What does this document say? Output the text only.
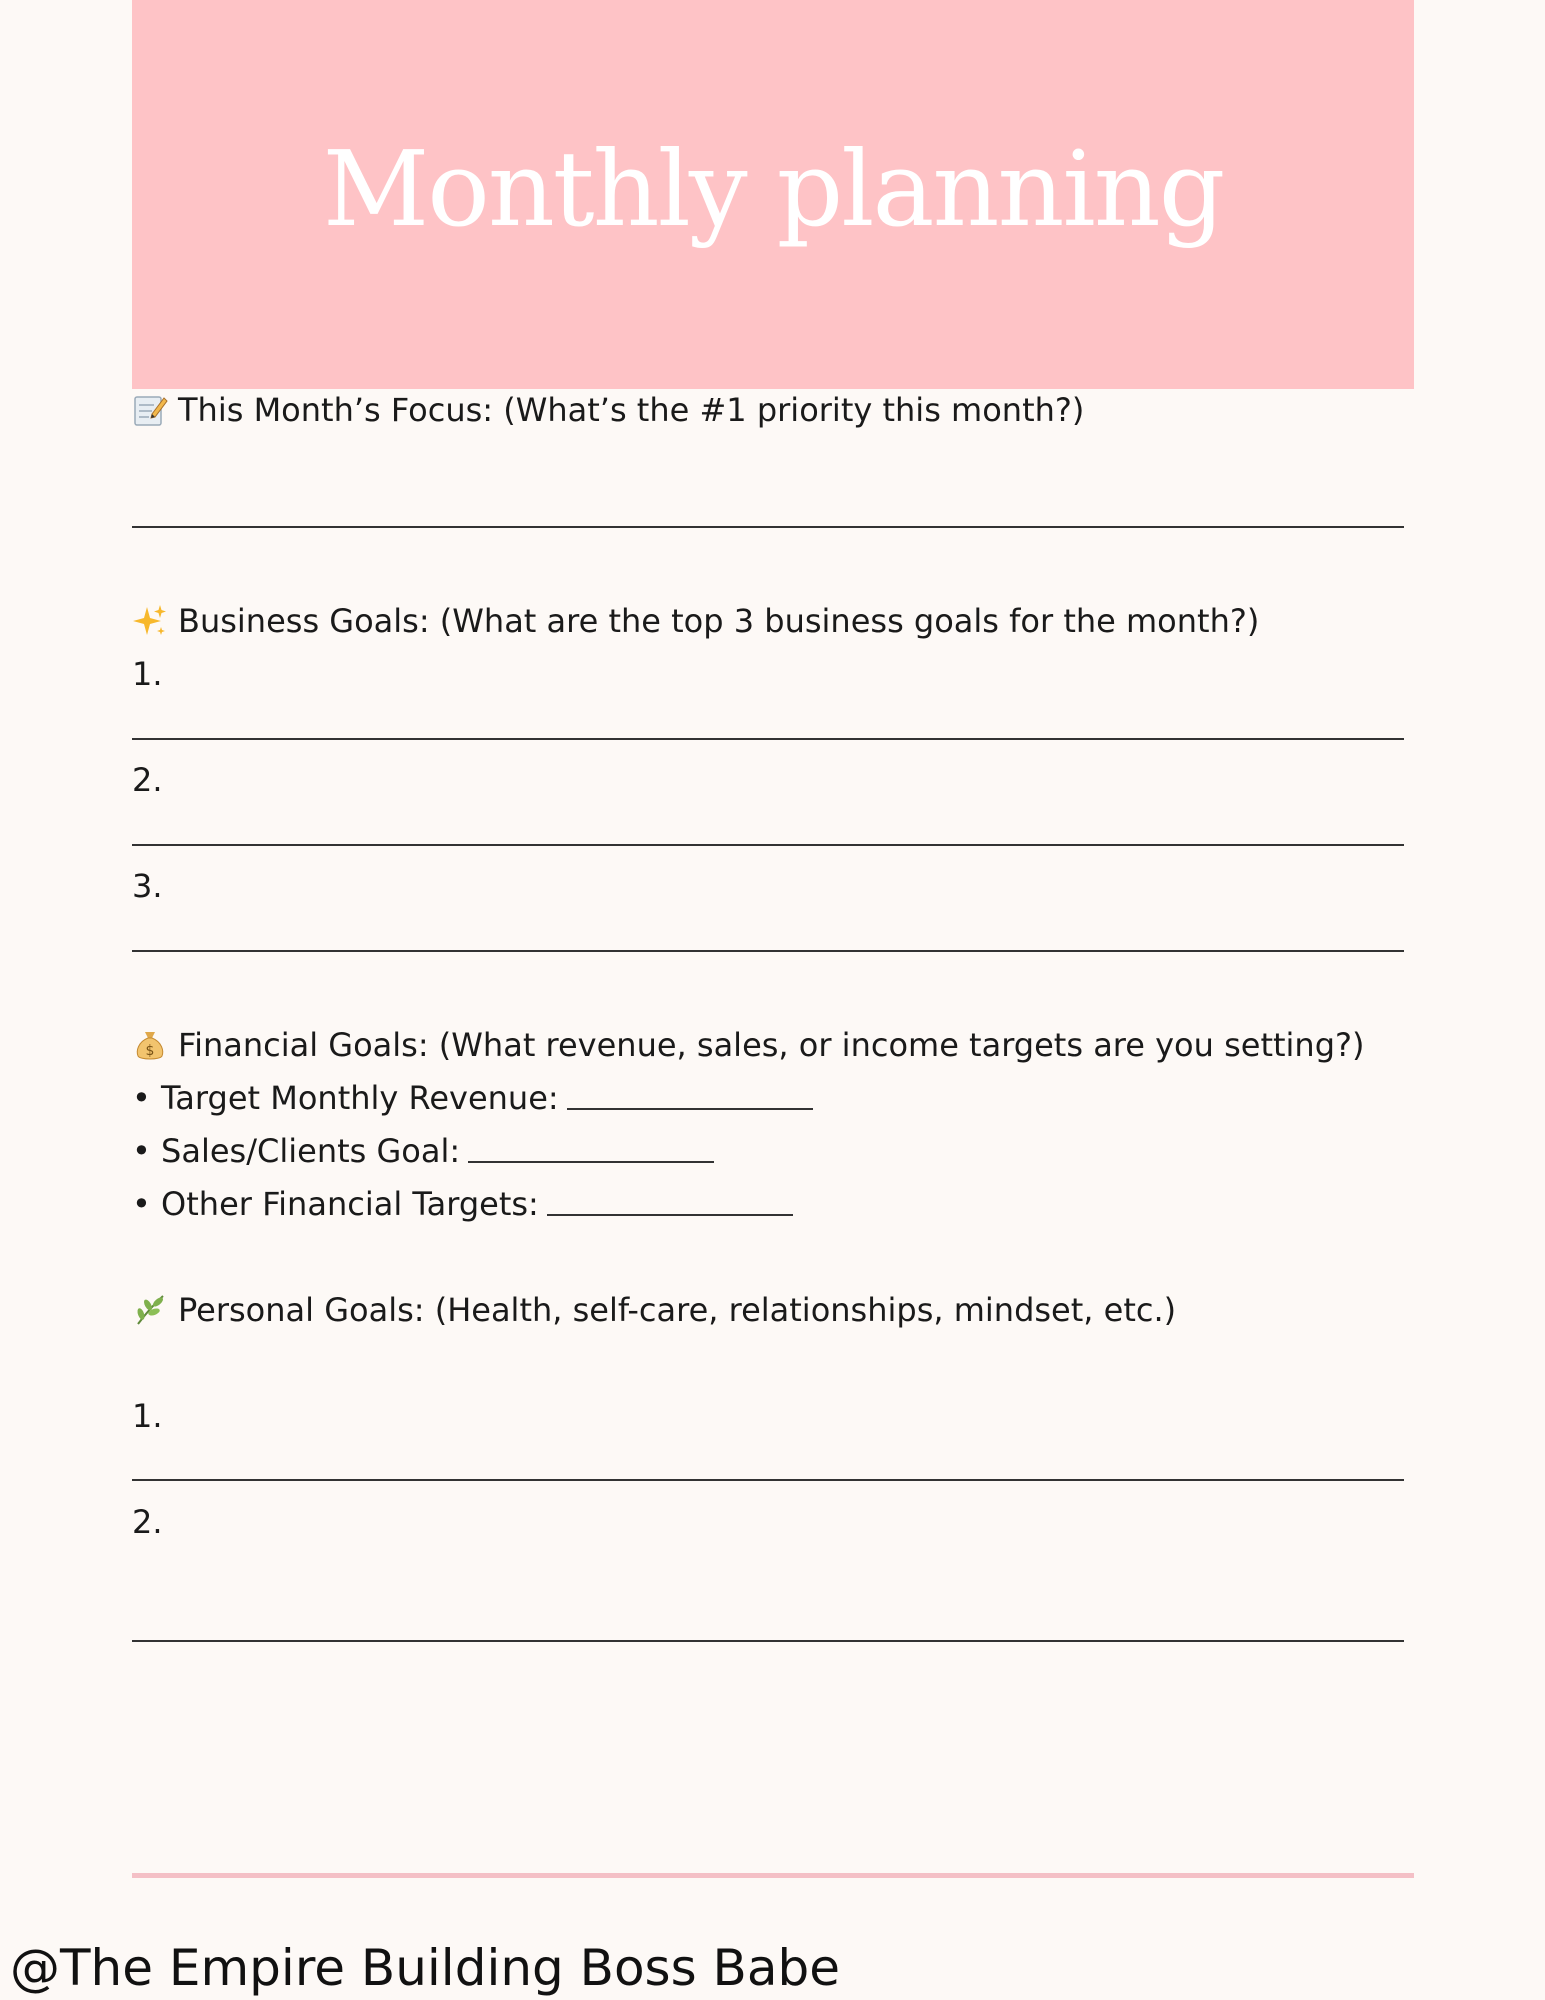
Monthly planning
This Month’s Focus: (What’s the #1 priority this month?)
Business Goals: (What are the top 3 business goals for the month?)
1.
2.
3.
$ Financial Goals: (What revenue, sales, or income targets are you setting?)
• Target Monthly Revenue:
• Sales/Clients Goal:
• Other Financial Targets:
Personal Goals: (Health, self-care, relationships, mindset, etc.)
1.
2.
@The Empire Building Boss Babe
